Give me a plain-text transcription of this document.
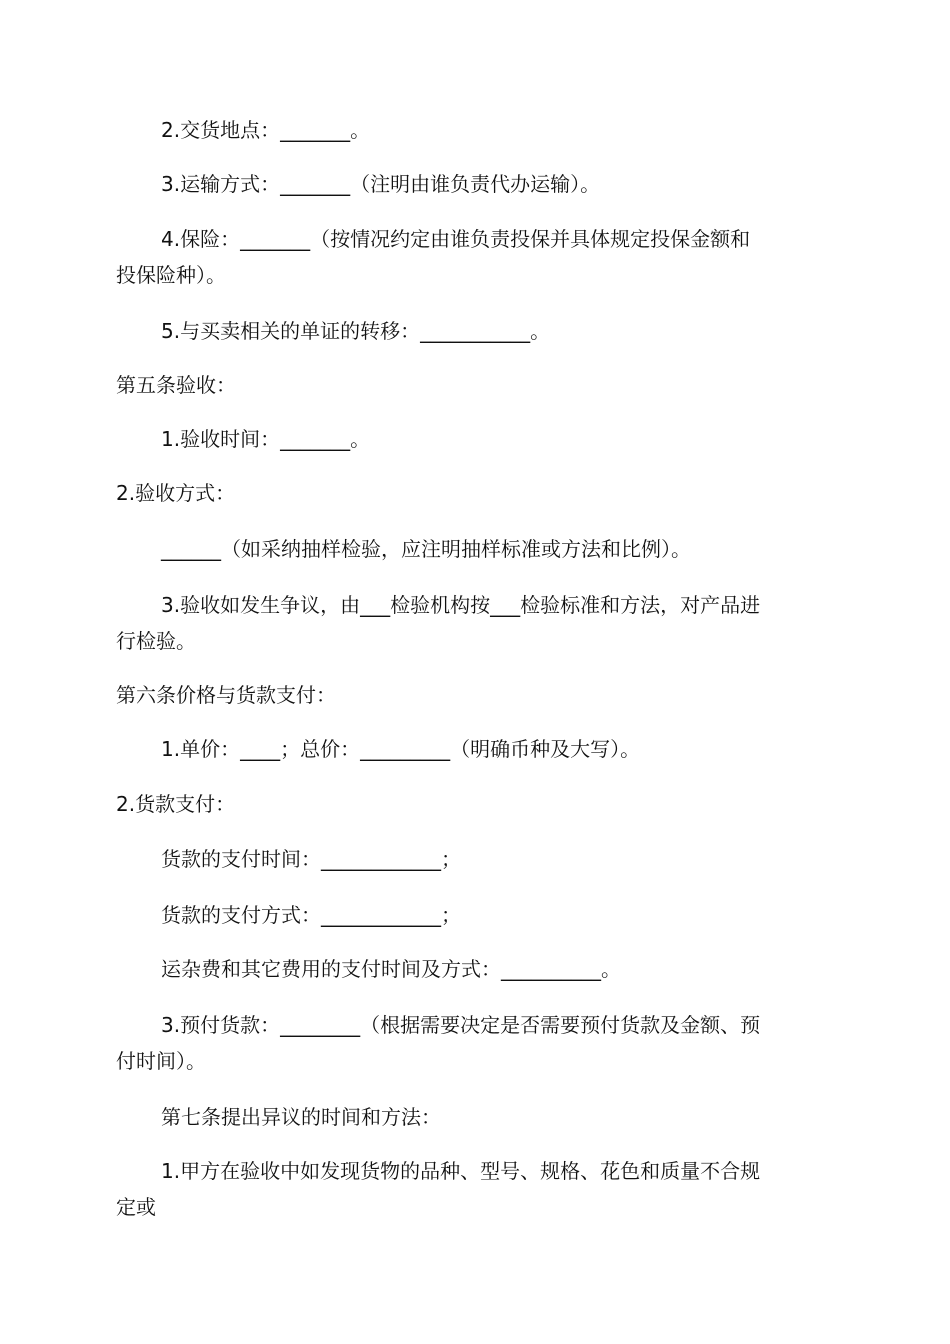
2.交货地点：_______。

3.运输方式：_______（注明由谁负责代办运输）。

4.保险：_______（按情况约定由谁负责投保并具体规定投保金额和

投保险种）。

5.与买卖相关的单证的转移：___________。

第五条验收：

1.验收时间：_______。

2.验收方式：

______（如采纳抽样检验，应注明抽样标准或方法和比例）。

3.验收如发生争议，由___检验机构按___检验标准和方法，对产品进

行检验。

第六条价格与货款支付：

1.单价：____；总价：_________（明确币种及大写）。

2.货款支付：

货款的支付时间：____________；

货款的支付方式：____________；

运杂费和其它费用的支付时间及方式：__________。

3.预付货款：________（根据需要决定是否需要预付货款及金额、预

付时间）。

第七条提出异议的时间和方法：

1.甲方在验收中如发现货物的品种、型号、规格、花色和质量不合规

定或
